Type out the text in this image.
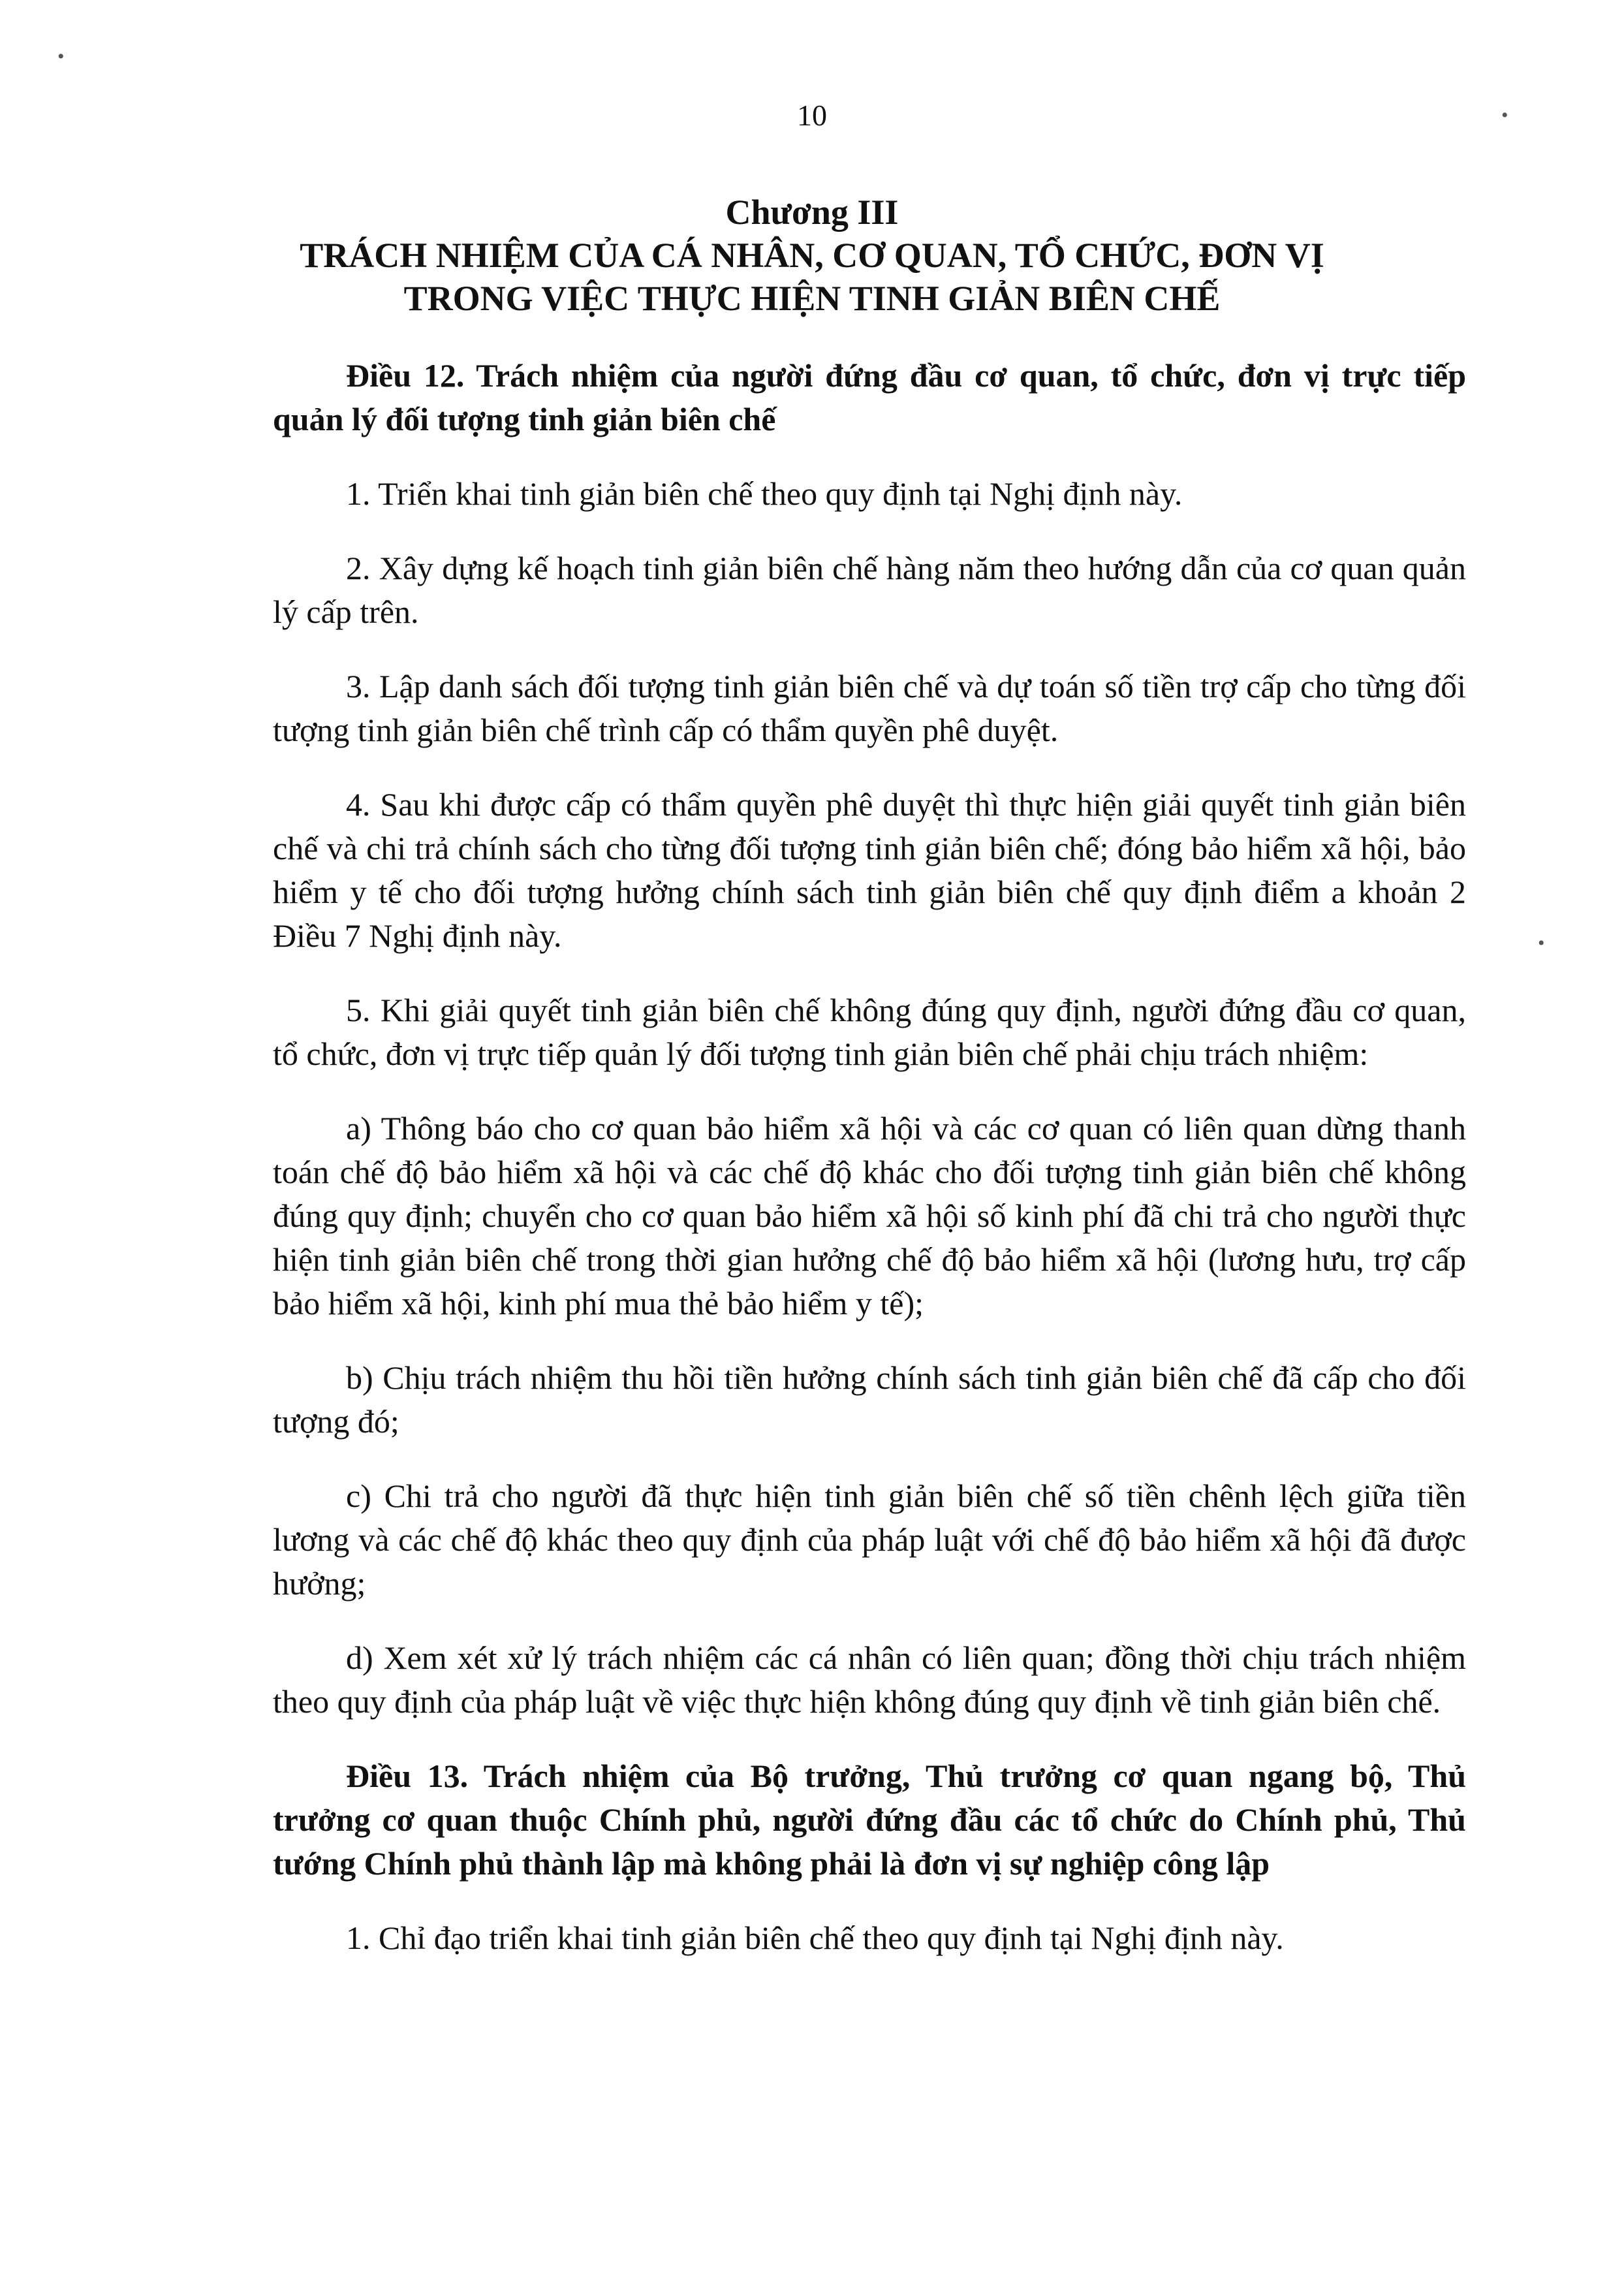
10
Chương III
TRÁCH NHIỆM CỦA CÁ NHÂN, CƠ QUAN, TỔ CHỨC, ĐƠN VỊ
TRONG VIỆC THỰC HIỆN TINH GIẢN BIÊN CHẾ

Điều 12. Trách nhiệm của người đứng đầu cơ quan, tổ chức, đơn vị trực tiếp quản lý đối tượng tinh giản biên chế

1. Triển khai tinh giản biên chế theo quy định tại Nghị định này.

2. Xây dựng kế hoạch tinh giản biên chế hàng năm theo hướng dẫn của cơ quan quản lý cấp trên.

3. Lập danh sách đối tượng tinh giản biên chế và dự toán số tiền trợ cấp cho từng đối tượng tinh giản biên chế trình cấp có thẩm quyền phê duyệt.

4. Sau khi được cấp có thẩm quyền phê duyệt thì thực hiện giải quyết tinh giản biên chế và chi trả chính sách cho từng đối tượng tinh giản biên chế; đóng bảo hiểm xã hội, bảo hiểm y tế cho đối tượng hưởng chính sách tinh giản biên chế quy định điểm a khoản 2 Điều 7 Nghị định này.

5. Khi giải quyết tinh giản biên chế không đúng quy định, người đứng đầu cơ quan, tổ chức, đơn vị trực tiếp quản lý đối tượng tinh giản biên chế phải chịu trách nhiệm:

a) Thông báo cho cơ quan bảo hiểm xã hội và các cơ quan có liên quan dừng thanh toán chế độ bảo hiểm xã hội và các chế độ khác cho đối tượng tinh giản biên chế không đúng quy định; chuyển cho cơ quan bảo hiểm xã hội số kinh phí đã chi trả cho người thực hiện tinh giản biên chế trong thời gian hưởng chế độ bảo hiểm xã hội (lương hưu, trợ cấp bảo hiểm xã hội, kinh phí mua thẻ bảo hiểm y tế);

b) Chịu trách nhiệm thu hồi tiền hưởng chính sách tinh giản biên chế đã cấp cho đối tượng đó;

c) Chi trả cho người đã thực hiện tinh giản biên chế số tiền chênh lệch giữa tiền lương và các chế độ khác theo quy định của pháp luật với chế độ bảo hiểm xã hội đã được hưởng;

d) Xem xét xử lý trách nhiệm các cá nhân có liên quan; đồng thời chịu trách nhiệm theo quy định của pháp luật về việc thực hiện không đúng quy định về tinh giản biên chế.

Điều 13. Trách nhiệm của Bộ trưởng, Thủ trưởng cơ quan ngang bộ, Thủ trưởng cơ quan thuộc Chính phủ, người đứng đầu các tổ chức do Chính phủ, Thủ tướng Chính phủ thành lập mà không phải là đơn vị sự nghiệp công lập

1. Chỉ đạo triển khai tinh giản biên chế theo quy định tại Nghị định này.

•
•
•
